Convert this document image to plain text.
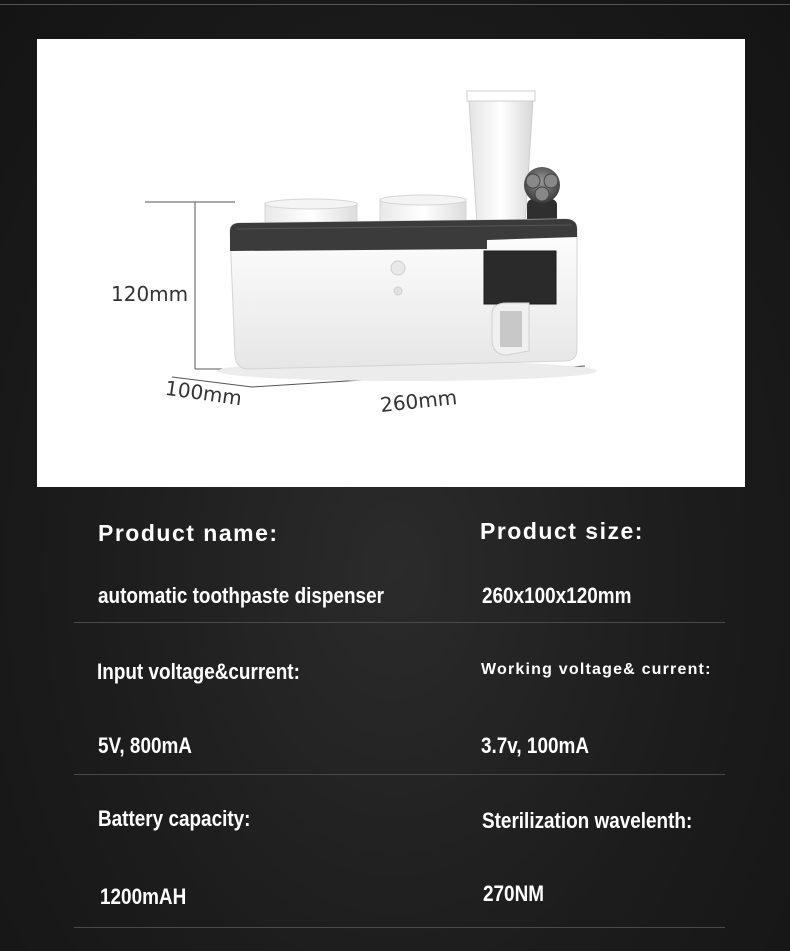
120mm
100mm	260mm
Product name:	Product size:
automatic toothpaste dispenser	260x100x120mm
Input voltage&current:	Working voltage& current:
5V, 800mA	3.7v, 100mA
Battery capacity:	Sterilization wavelenth:
1200mAH	270NM
